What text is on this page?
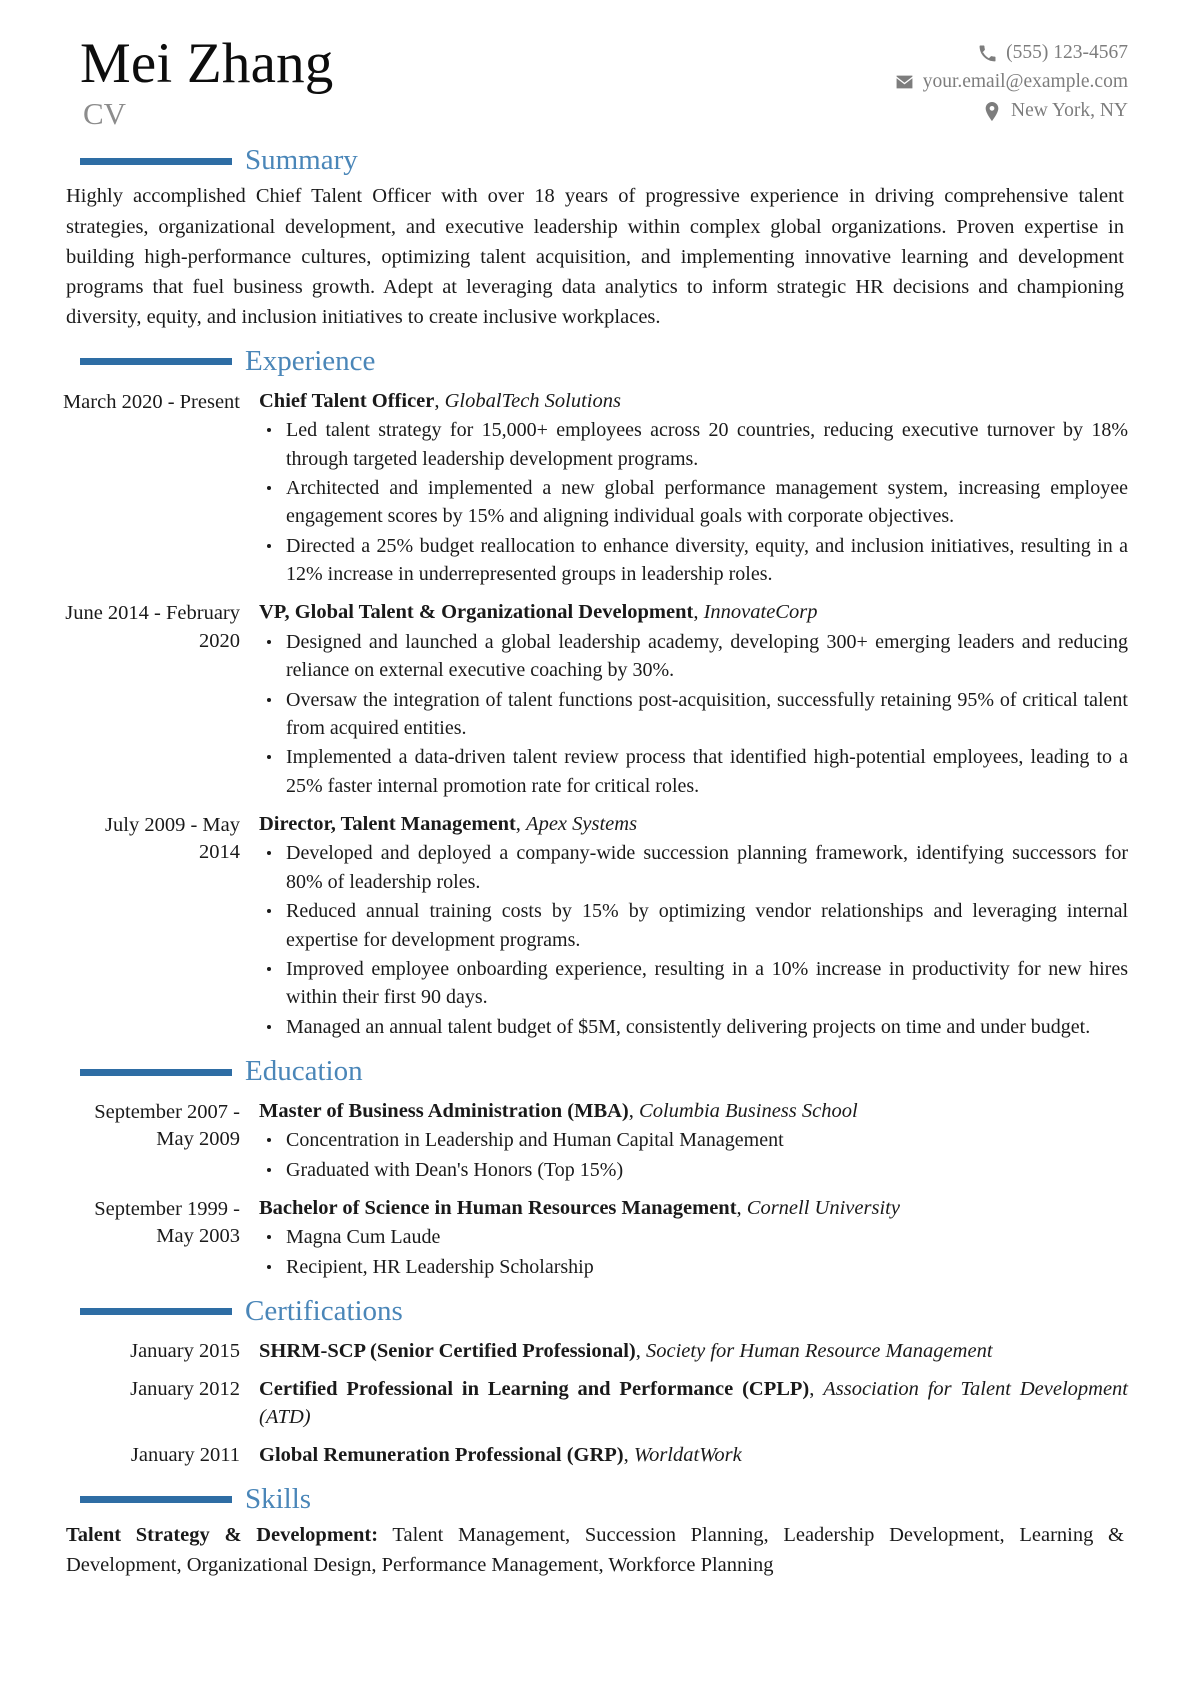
Mei Zhang
CV
(555) 123-4567
your.email@example.com
New York, NY
Summary

Highly accomplished Chief Talent Officer with over 18 years of progressive experience in driving comprehensive talent strategies, organizational development, and executive leadership within complex global organizations. Proven expertise in building high-performance cultures, optimizing talent acquisition, and implementing innovative learning and development programs that fuel business growth. Adept at leveraging data analytics to inform strategic HR decisions and championing diversity, equity, and inclusion initiatives to create inclusive workplaces.

Experience
March 2020 - Present Chief Talent Officer, GlobalTech Solutions
Led talent strategy for 15,000+ employees across 20 countries, reducing executive turnover by 18% through targeted leadership development programs.
Architected and implemented a new global performance management system, increasing employee engagement scores by 15% and aligning individual goals with corporate objectives.
Directed a 25% budget reallocation to enhance diversity, equity, and inclusion initiatives, resulting in a 12% increase in underrepresented groups in leadership roles.
June 2014 - February 2020
VP, Global Talent & Organizational Development, InnovateCorp
Designed and launched a global leadership academy, developing 300+ emerging leaders and reducing reliance on external executive coaching by 30%.
Oversaw the integration of talent functions post-acquisition, successfully retaining 95% of critical talent from acquired entities.
Implemented a data-driven talent review process that identified high-potential employees, leading to a 25% faster internal promotion rate for critical roles.
July 2009 - May 2014
Director, Talent Management, Apex Systems
Developed and deployed a company-wide succession planning framework, identifying successors for 80% of leadership roles.
Reduced annual training costs by 15% by optimizing vendor relationships and leveraging internal expertise for development programs.
Improved employee onboarding experience, resulting in a 10% increase in productivity for new hires within their first 90 days.
Managed an annual talent budget of $5M, consistently delivering projects on time and under budget.
Education
September 2007 - May 2009
Master of Business Administration (MBA), Columbia Business School
Concentration in Leadership and Human Capital Management
Graduated with Dean's Honors (Top 15%)
September 1999 - May 2003
Bachelor of Science in Human Resources Management, Cornell University
Magna Cum Laude
Recipient, HR Leadership Scholarship
Certifications
January 2015 SHRM-SCP (Senior Certified Professional), Society for Human Resource Management
January 2012 Certified Professional in Learning and Performance (CPLP), Association for Talent Development (ATD)
January 2011 Global Remuneration Professional (GRP), WorldatWork
Skills

Talent Strategy & Development: Talent Management, Succession Planning, Leadership Development, Learning & Development, Organizational Design, Performance Management, Workforce Planning
